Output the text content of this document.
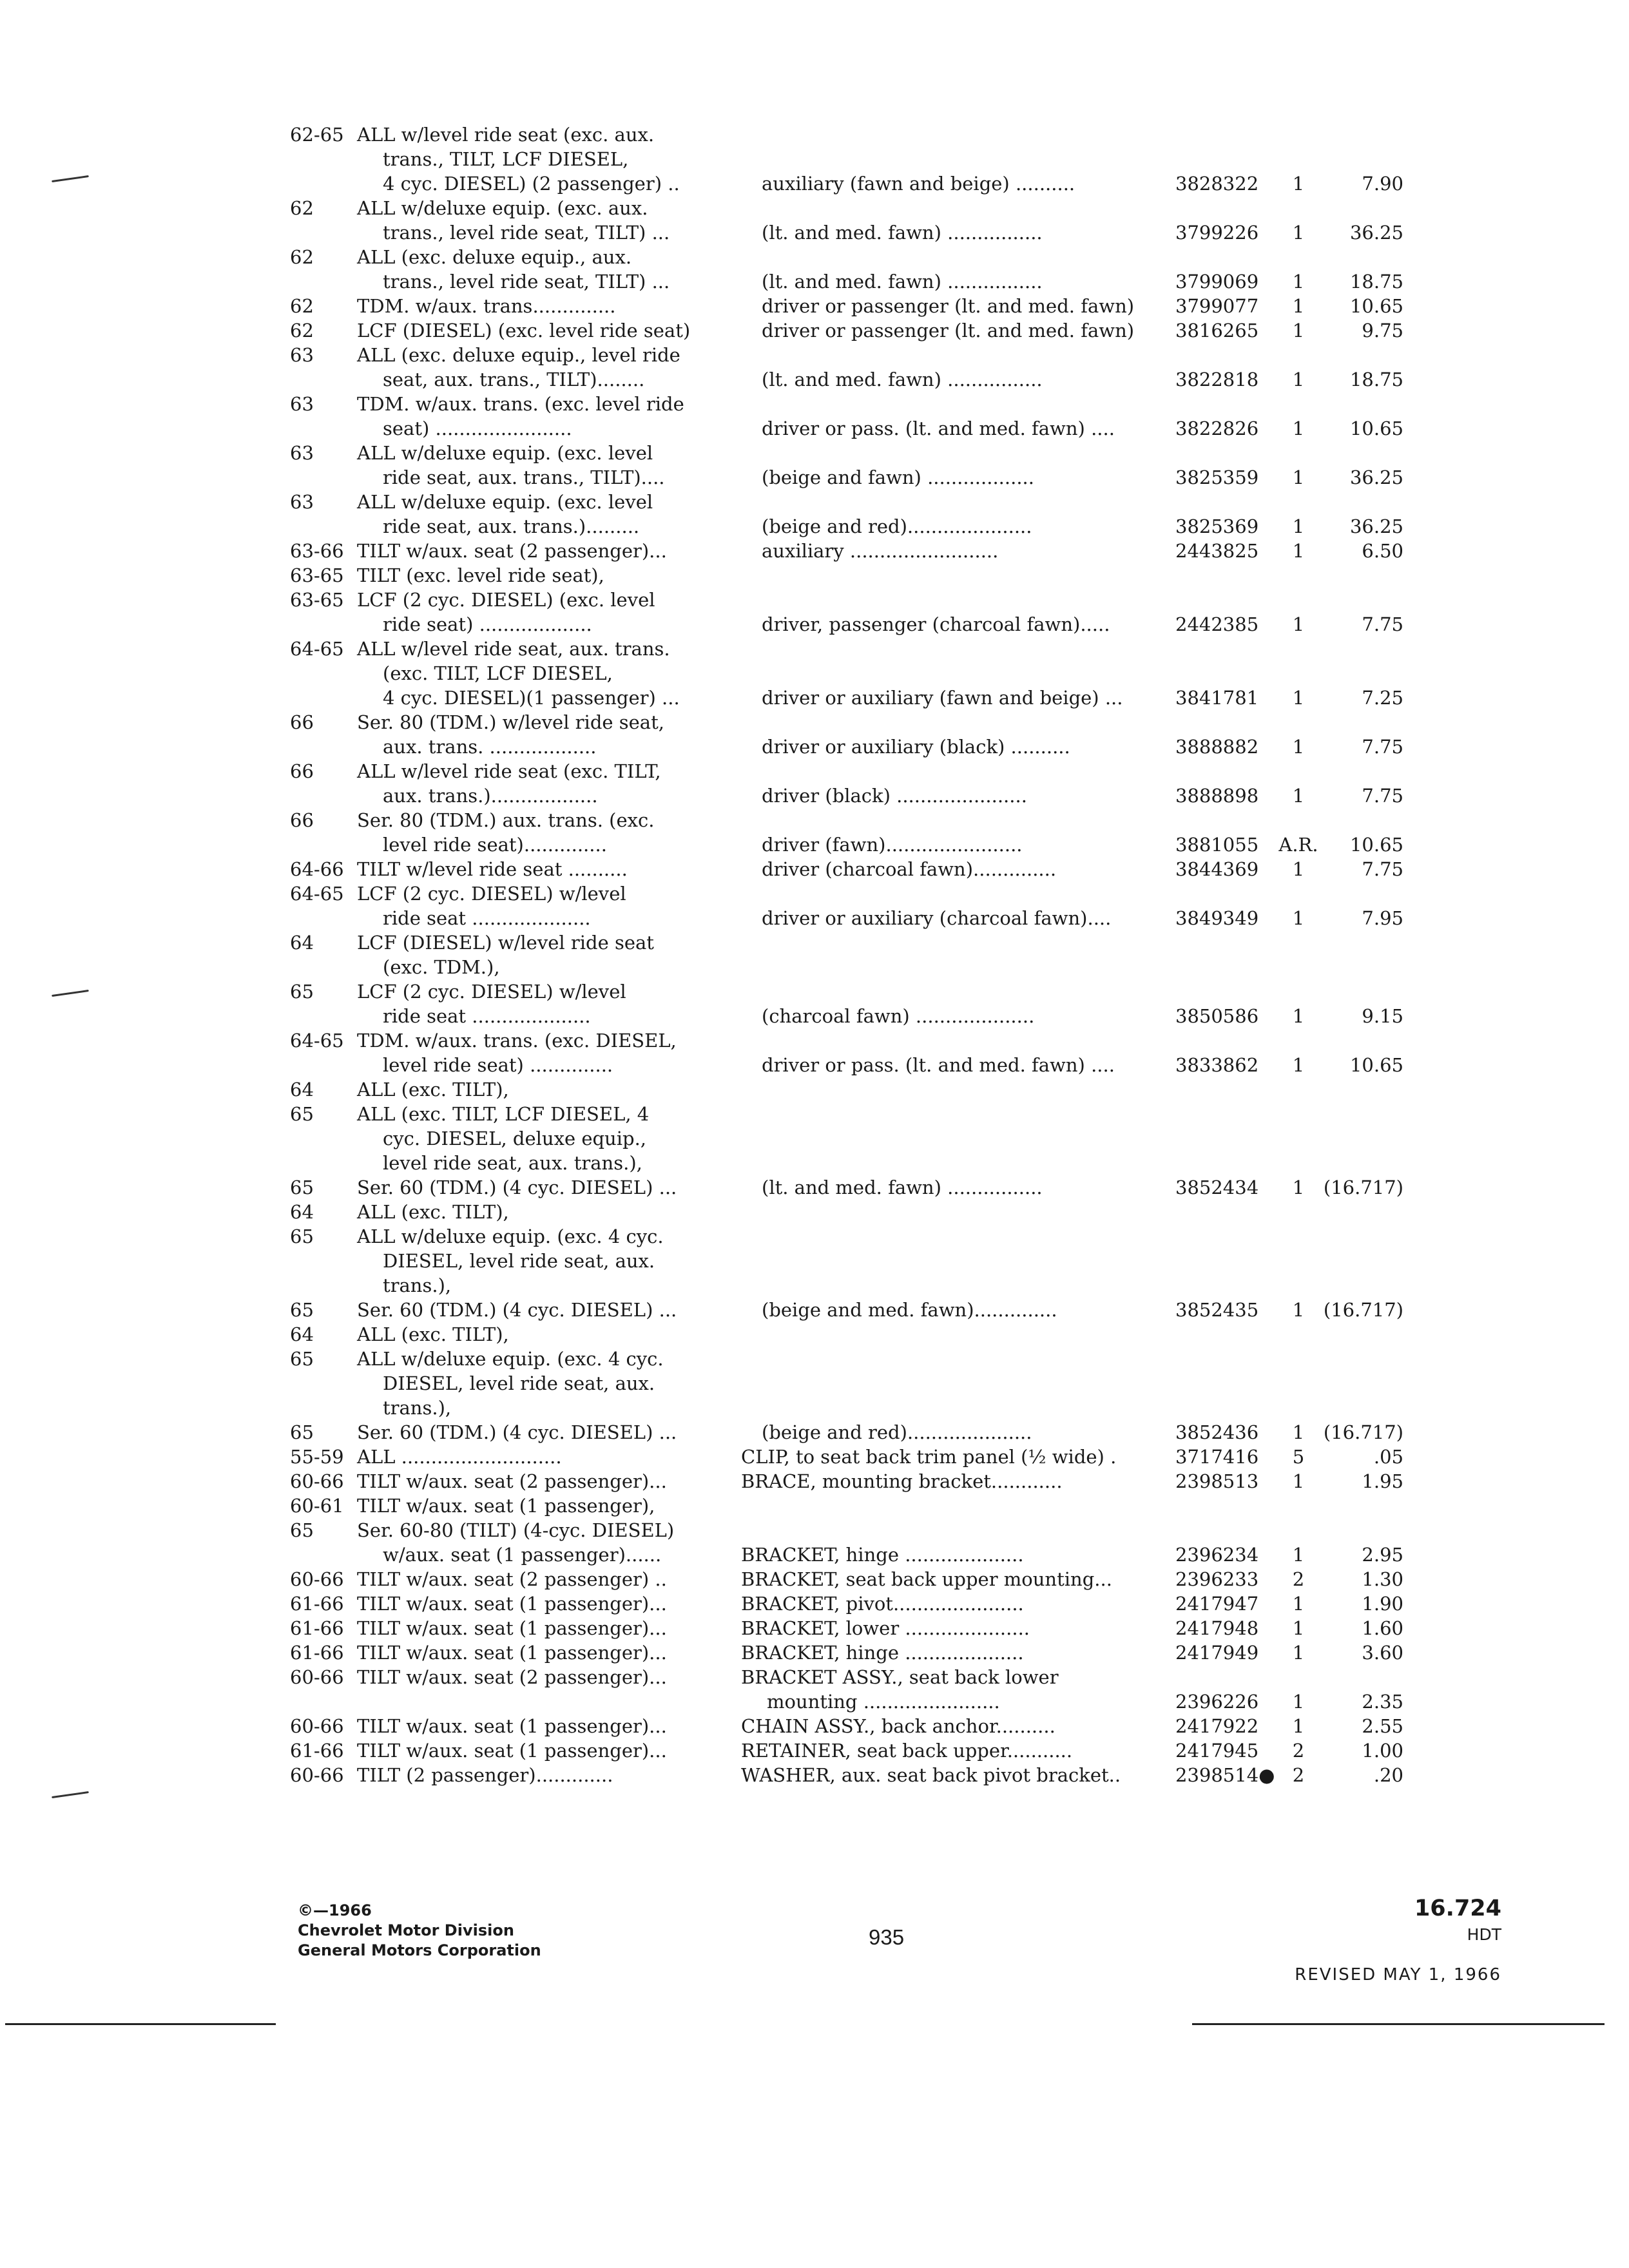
62-65 ALL w/level ride seat (exc. aux.
trans., TILT, LCF DIESEL,
4 cyc. DIESEL) (2 passenger) ..	auxiliary (fawn and beige) ..........	3828322	1	7.90
62 ALL w/deluxe equip. (exc. aux.
trans., level ride seat, TILT) ...	(lt. and med. fawn) ................	3799226	1	36.25
62 ALL (exc. deluxe equip., aux.
trans., level ride seat, TILT) ...	(lt. and med. fawn) ................	3799069	1	18.75
62 TDM. w/aux. trans..............	driver or passenger (lt. and med. fawn) 3799077	1	10.65
62 LCF (DIESEL) (exc. level ride seat)	driver or passenger (lt. and med. fawn) 3816265	1	9.75
63 ALL (exc. deluxe equip., level ride
seat, aux. trans., TILT)........	(lt. and med. fawn) ................	3822818	1	18.75
63 TDM. w/aux. trans. (exc. level ride
seat) .......................	driver or pass. (lt. and med. fawn) ....	3822826	1	10.65
63 ALL w/deluxe equip. (exc. level
ride seat, aux. trans., TILT)....	(beige and fawn) ..................	3825359	1	36.25
63 ALL w/deluxe equip. (exc. level
ride seat, aux. trans.).........	(beige and red).....................	3825369	1	36.25
63-66 TILT w/aux. seat (2 passenger)...	auxiliary .........................	2443825	1	6.50
63-65 TILT (exc. level ride seat),
63-65 LCF (2 cyc. DIESEL) (exc. level
ride seat) ...................	driver, passenger (charcoal fawn).....	2442385	1	7.75
64-65 ALL w/level ride seat, aux. trans.
(exc. TILT, LCF DIESEL,
4 cyc. DIESEL)(1 passenger) ...	driver or auxiliary (fawn and beige) ...	3841781	1	7.25
66 Ser. 80 (TDM.) w/level ride seat,
aux. trans. ..................	driver or auxiliary (black) ..........	3888882	1	7.75
66 ALL w/level ride seat (exc. TILT,
aux. trans.)..................	driver (black) ......................	3888898	1	7.75
66 Ser. 80 (TDM.) aux. trans. (exc.
level ride seat)..............	driver (fawn).......................	3881055	A.R.	10.65
64-66 TILT w/level ride seat ..........	driver (charcoal fawn)..............	3844369	1	7.75
64-65 LCF (2 cyc. DIESEL) w/level
ride seat ....................	driver or auxiliary (charcoal fawn)....	3849349	1	7.95
64 LCF (DIESEL) w/level ride seat
(exc. TDM.),
65 LCF (2 cyc. DIESEL) w/level
ride seat ....................	(charcoal fawn) ....................	3850586	1	9.15
64-65 TDM. w/aux. trans. (exc. DIESEL,
level ride seat) ..............	driver or pass. (lt. and med. fawn) ....	3833862	1	10.65
64 ALL (exc. TILT),
65 ALL (exc. TILT, LCF DIESEL, 4
cyc. DIESEL, deluxe equip.,
level ride seat, aux. trans.),
65 Ser. 60 (TDM.) (4 cyc. DIESEL) ...	(lt. and med. fawn) ................	3852434	1	(16.717)
64 ALL (exc. TILT),
65 ALL w/deluxe equip. (exc. 4 cyc.
DIESEL, level ride seat, aux.
trans.),
65 Ser. 60 (TDM.) (4 cyc. DIESEL) ...	(beige and med. fawn)..............	3852435	1	(16.717)
64 ALL (exc. TILT),
65 ALL w/deluxe equip. (exc. 4 cyc.
DIESEL, level ride seat, aux.
trans.),
65 Ser. 60 (TDM.) (4 cyc. DIESEL) ...	(beige and red).....................	3852436	1	(16.717)
55-59 ALL ...........................	CLIP, to seat back trim panel (½ wide) .	3717416	5	.05
60-66 TILT w/aux. seat (2 passenger)...	BRACE, mounting bracket............	2398513	1	1.95
60-61 TILT w/aux. seat (1 passenger),
65 Ser. 60-80 (TILT) (4-cyc. DIESEL)
w/aux. seat (1 passenger)......	BRACKET, hinge ....................	2396234	1	2.95
60-66 TILT w/aux. seat (2 passenger) ..	BRACKET, seat back upper mounting...	2396233	2	1.30
61-66 TILT w/aux. seat (1 passenger)...	BRACKET, pivot......................	2417947	1	1.90
61-66 TILT w/aux. seat (1 passenger)...	BRACKET, lower .....................	2417948	1	1.60
61-66 TILT w/aux. seat (1 passenger)...	BRACKET, hinge ....................	2417949	1	3.60
60-66 TILT w/aux. seat (2 passenger)...	BRACKET ASSY., seat back lower
mounting .......................	2396226	1	2.35
60-66 TILT w/aux. seat (1 passenger)...	CHAIN ASSY., back anchor..........	2417922	1	2.55
61-66 TILT w/aux. seat (1 passenger)...	RETAINER, seat back upper...........	2417945	2	1.00
60-66 TILT (2 passenger).............	WASHER, aux. seat back pivot bracket..	2398514● 2	.20
©—1966
Chevrolet Motor Division
General Motors Corporation
935
16.724
HDT
REVISED MAY 1, 1966
